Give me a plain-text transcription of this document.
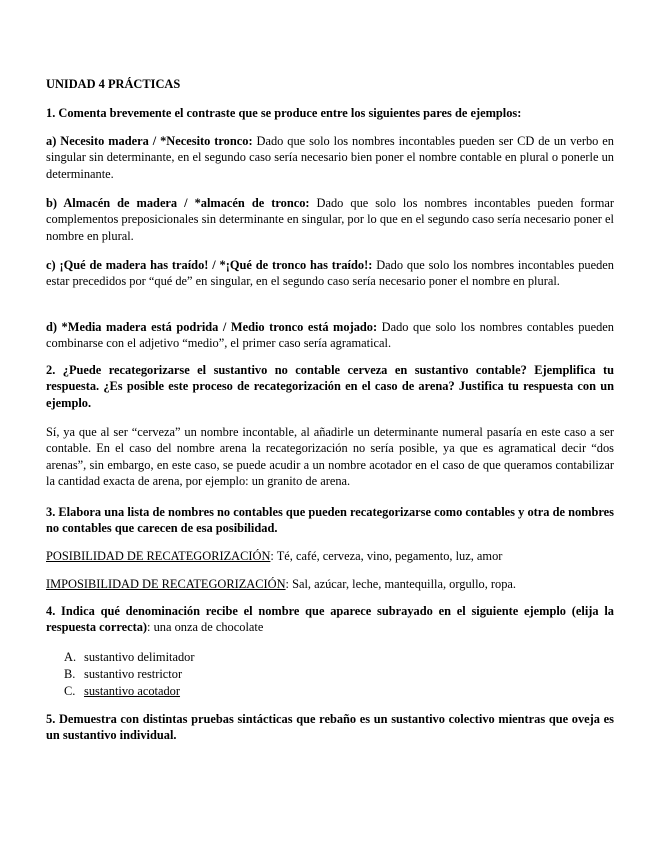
UNIDAD 4 PRÁCTICAS
1. Comenta brevemente el contraste que se produce entre los siguientes pares de ejemplos:
a) Necesito madera / *Necesito tronco: Dado que solo los nombres incontables pueden ser CD de un verbo en singular sin determinante, en el segundo caso sería necesario bien poner el nombre contable en plural o ponerle un determinante.
b) Almacén de madera / *almacén de tronco: Dado que solo los nombres incontables pueden formar complementos preposicionales sin determinante en singular, por lo que en el segundo caso sería necesario poner el nombre en plural.
c) ¡Qué de madera has traído! / *¡Qué de tronco has traído!: Dado que solo los nombres incontables pueden estar precedidos por “qué de” en singular, en el segundo caso sería necesario poner el nombre en plural.
d) *Media madera está podrida / Medio tronco está mojado: Dado que solo los nombres contables pueden combinarse con el adjetivo “medio”, el primer caso sería agramatical.
2. ¿Puede recategorizarse el sustantivo no contable cerveza en sustantivo contable? Ejemplifica tu respuesta. ¿Es posible este proceso de recategorización en el caso de arena? Justifica tu respuesta con un ejemplo.
Sí, ya que al ser “cerveza” un nombre incontable, al añadirle un determinante numeral pasaría en este caso a ser contable. En el caso del nombre arena la recategorización no sería posible, ya que es agramatical decir “dos arenas”, sin embargo, en este caso, se puede acudir a un nombre acotador en el caso de que queramos contabilizar la cantidad exacta de arena, por ejemplo: un granito de arena.
3. Elabora una lista de nombres no contables que pueden recategorizarse como contables y otra de nombres no contables que carecen de esa posibilidad.
POSIBILIDAD DE RECATEGORIZACIÓN: Té, café, cerveza, vino, pegamento, luz, amor
IMPOSIBILIDAD DE RECATEGORIZACIÓN: Sal, azúcar, leche, mantequilla, orgullo, ropa.
4. Indica qué denominación recibe el nombre que aparece subrayado en el siguiente ejemplo (elija la respuesta correcta): una onza de chocolate
A. sustantivo delimitador
B. sustantivo restrictor
C. sustantivo acotador
5. Demuestra con distintas pruebas sintácticas que rebaño es un sustantivo colectivo mientras que oveja es un sustantivo individual.
